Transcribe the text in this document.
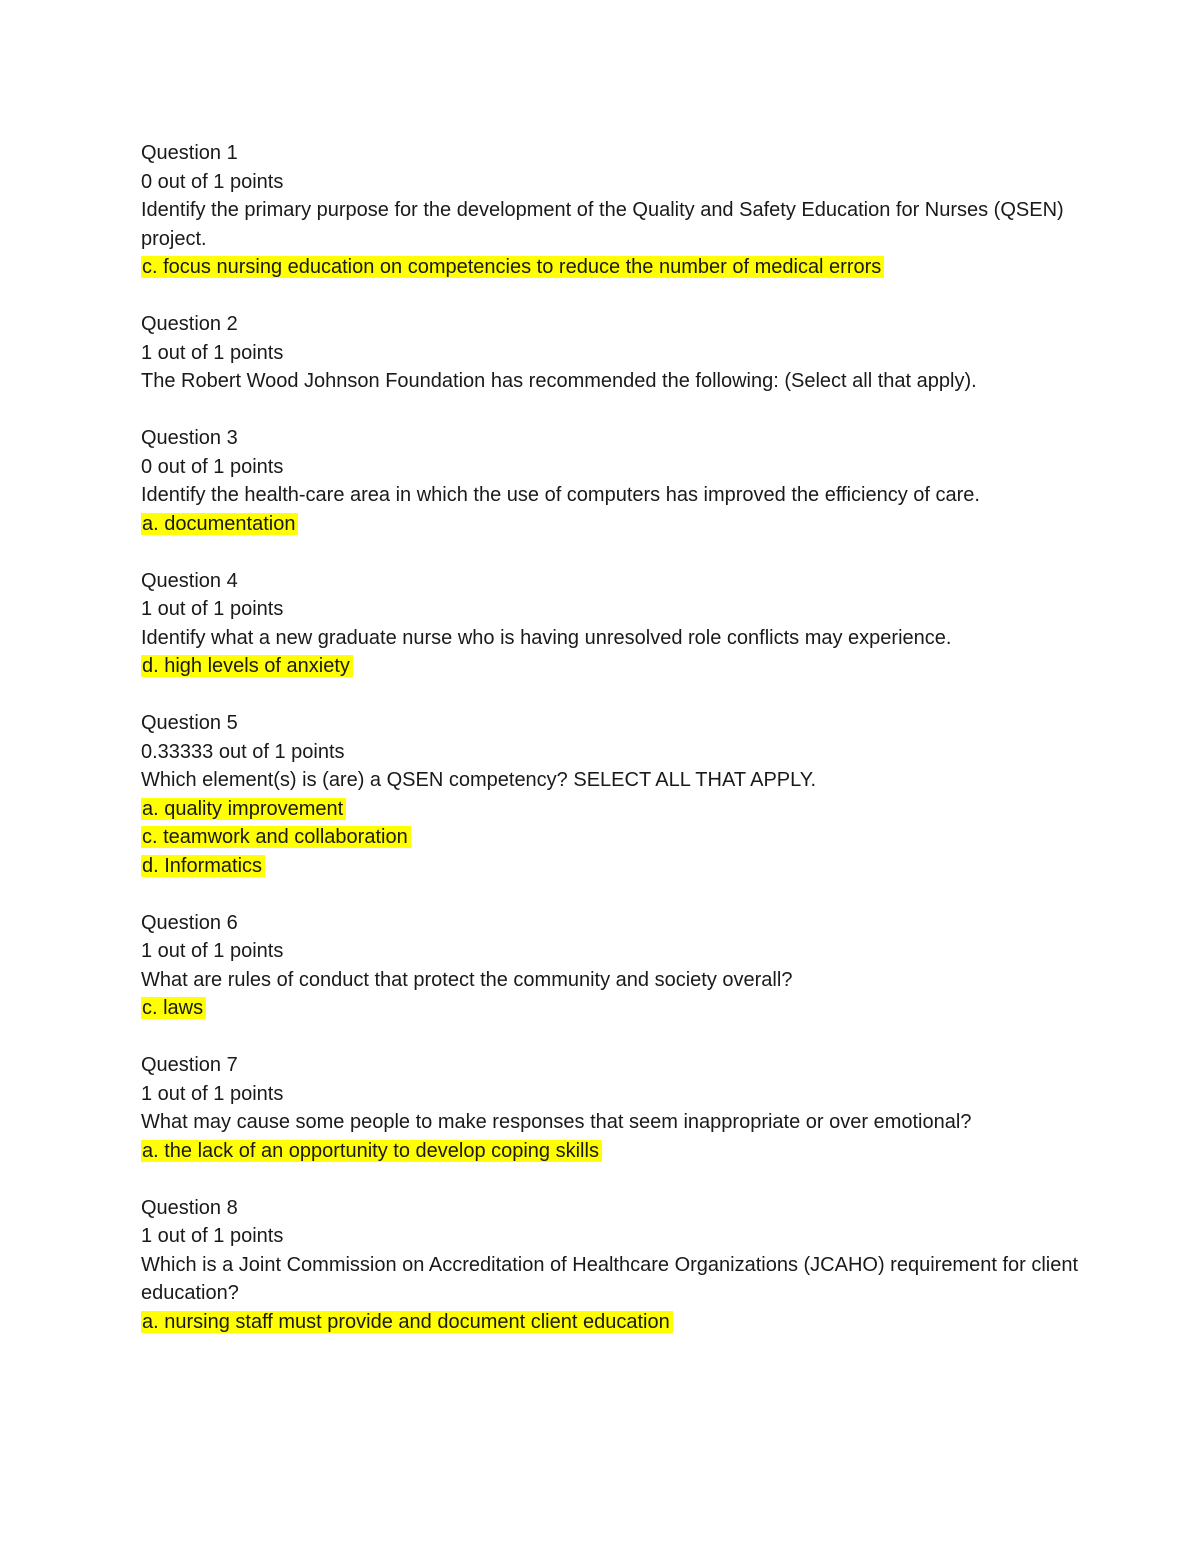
Question 1
0 out of 1 points
Identify the primary purpose for the development of the Quality and Safety Education for Nurses (QSEN) project.
c. focus nursing education on competencies to reduce the number of medical errors
Question 2
1 out of 1 points
The Robert Wood Johnson Foundation has recommended the following: (Select all that apply).
Question 3
0 out of 1 points
Identify the health-care area in which the use of computers has improved the efficiency of care.
a. documentation
Question 4
1 out of 1 points
Identify what a new graduate nurse who is having unresolved role conflicts may experience.
d. high levels of anxiety
Question 5
0.33333 out of 1 points
Which element(s) is (are) a QSEN competency? SELECT ALL THAT APPLY.
a. quality improvement
c. teamwork and collaboration
d. Informatics
Question 6
1 out of 1 points
What are rules of conduct that protect the community and society overall?
c. laws
Question 7
1 out of 1 points
What may cause some people to make responses that seem inappropriate or over emotional?
a. the lack of an opportunity to develop coping skills
Question 8
1 out of 1 points
Which is a Joint Commission on Accreditation of Healthcare Organizations (JCAHO) requirement for client education?
a. nursing staff must provide and document client education
